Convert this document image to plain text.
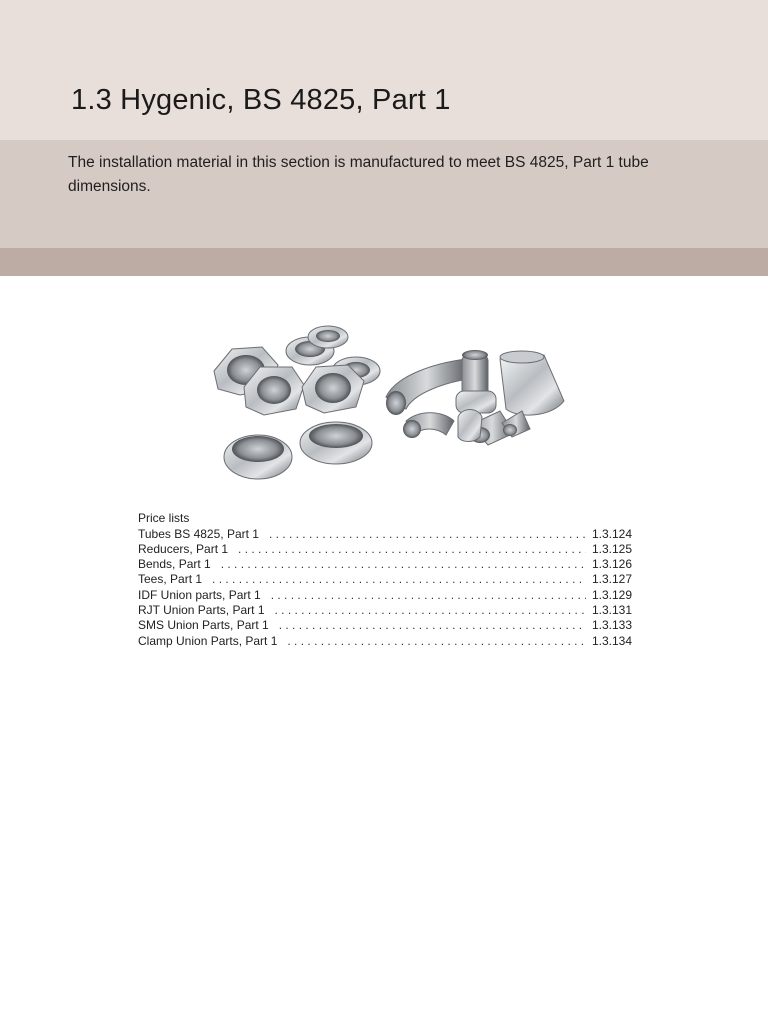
1.3 Hygenic, BS 4825, Part 1

The installation material in this section is manufactured to meet BS 4825, Part 1 tube dimensions.

Price lists
Tubes BS 4825, Part 1 . . .	1.3.124
Reducers, Part 1 . . .	1.3.125
Bends, Part 1 . . .	1.3.126
Tees, Part 1 . . .	1.3.127
IDF Union parts, Part 1 . . .	1.3.129
RJT Union Parts, Part 1 . . .	1.3.131
SMS Union Parts, Part 1 . . .	1.3.133
Clamp Union Parts, Part 1 . . .	1.3.134
